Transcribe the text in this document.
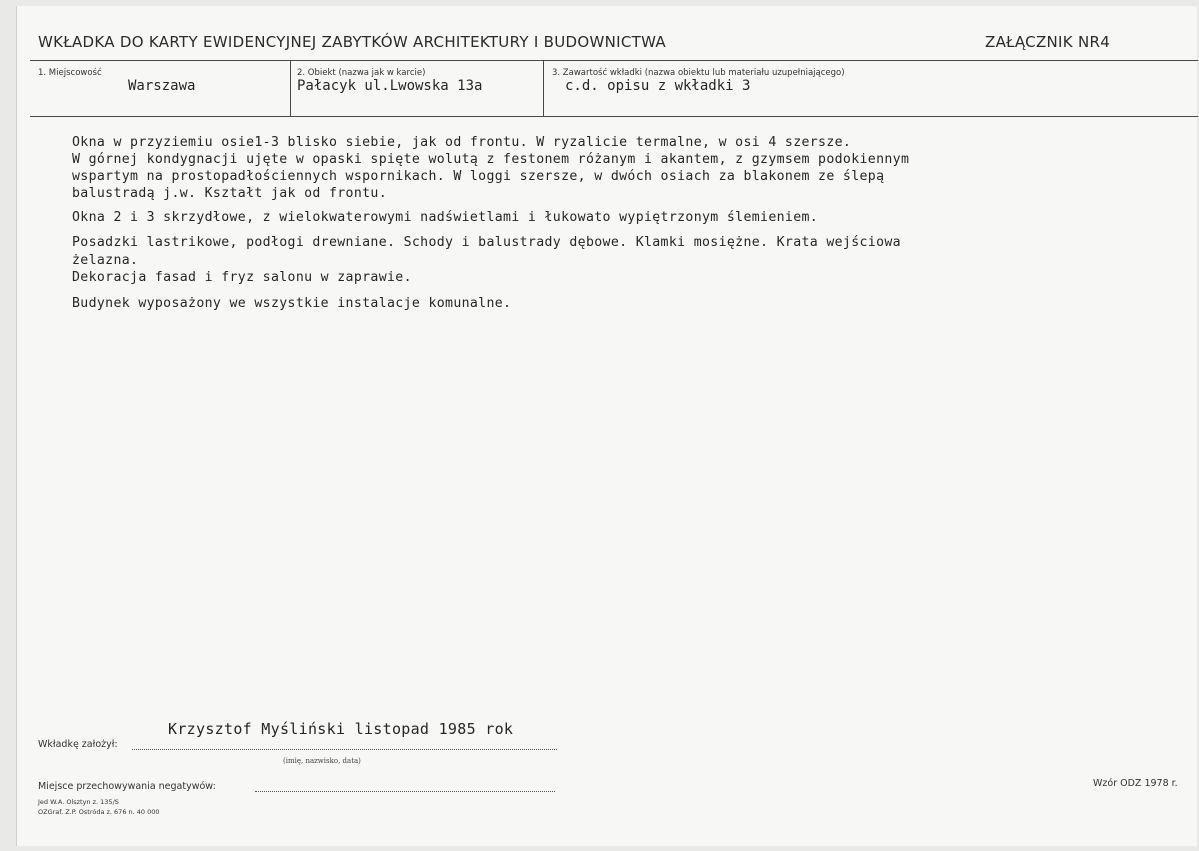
WKŁADKA DO KARTY EWIDENCYJNEJ ZABYTKÓW ARCHITEKTURY I BUDOWNICTWA	ZAŁĄCZNIK NR4
1. Miejscowość
Warszawa
2. Obiekt (nazwa jak w karcie)
Pałacyk ul.Lwowska 13a
3. Zawartość wkładki (nazwa obiektu lub materiału uzupełniającego)
c.d. opisu z wkładki 3
Okna w przyziemiu osie1-3 blisko siebie, jak od frontu. W ryzalicie termalne, w osi 4 szersze.
W górnej kondygnacji ujęte w opaski spięte wolutą z festonem różanym i akantem, z gzymsem podokiennym
wspartym na prostopadłościennych wspornikach. W loggi szersze, w dwóch osiach za blakonem ze ślepą
balustradą j.w. Kształt jak od frontu.
Okna 2 i 3 skrzydłowe, z wielokwaterowymi nadświetlami i łukowato wypiętrzonym ślemieniem.
Posadzki lastrikowe, podłogi drewniane. Schody i balustrady dębowe. Klamki mosiężne. Krata wejściowa
żelazna.
Dekoracja fasad i fryz salonu w zaprawie.
Budynek wyposażony we wszystkie instalacje komunalne.
Krzysztof Myśliński listopad 1985 rok
Wkładkę założył:
(imię, nazwisko, data)
Miejsce przechowywania negatywów:
Jed W.A. Olsztyn z. 135/S
OZGraf. Z.P. Ostróda z. 676 n. 40 000
Wzór ODZ 1978 r.
